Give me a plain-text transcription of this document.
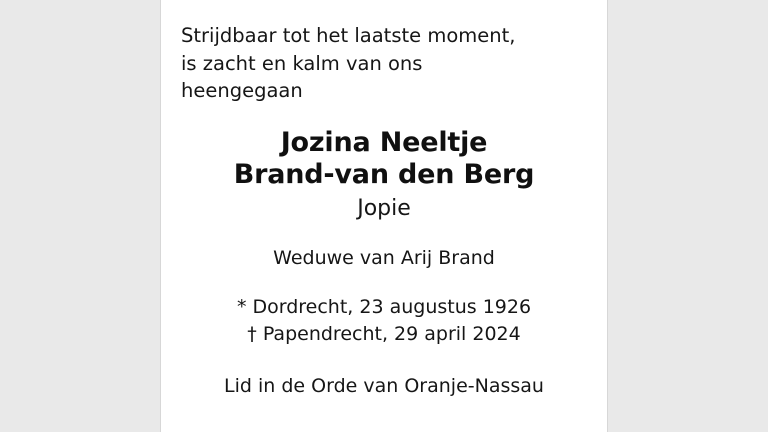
Strijdbaar tot het laatste moment,
is zacht en kalm van ons
heengegaan
Jozina Neeltje
Brand-van den Berg
Jopie
Weduwe van Arij Brand
* Dordrecht, 23 augustus 1926
† Papendrecht, 29 april 2024
Lid in de Orde van Oranje-Nassau
